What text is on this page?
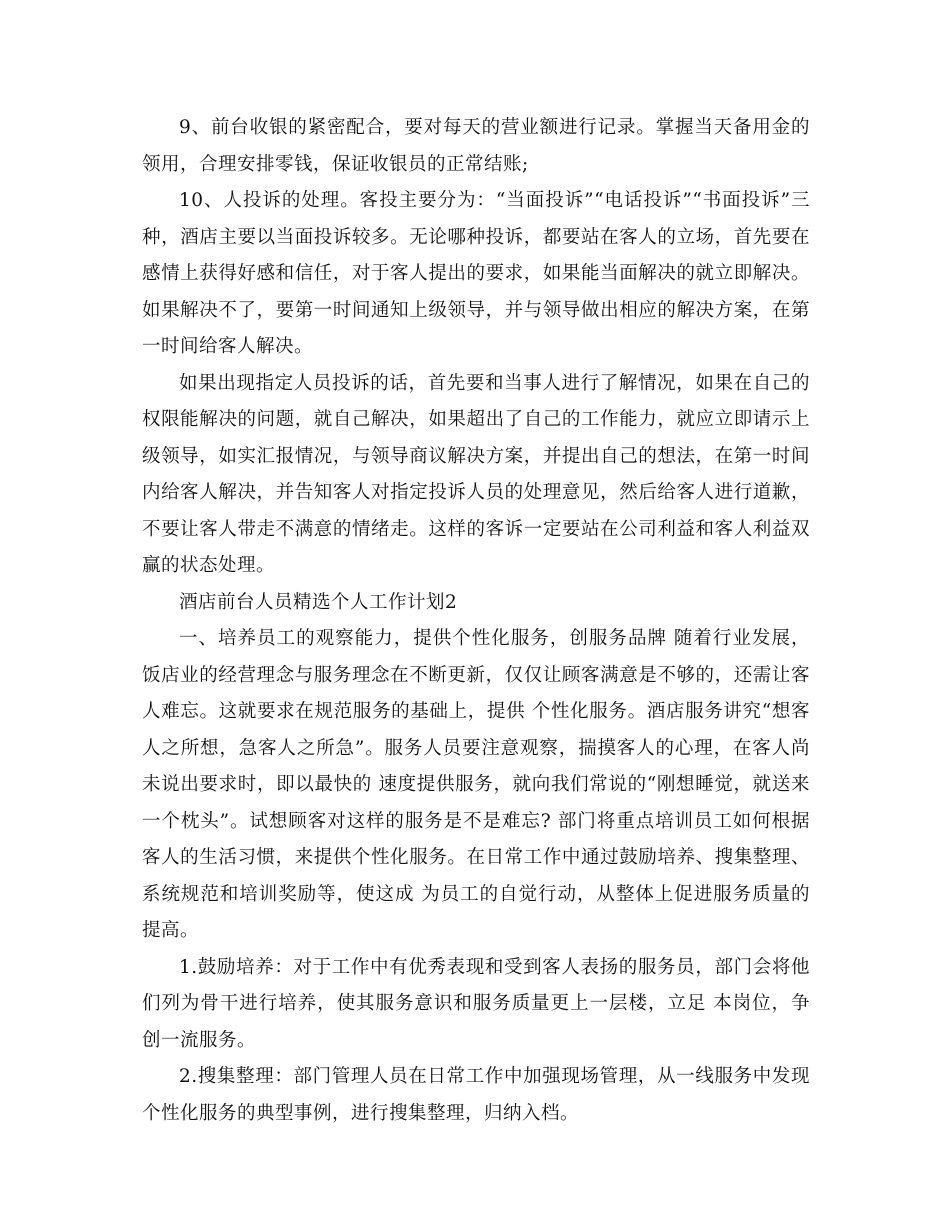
9、前台收银的紧密配合，要对每天的营业额进行记录。掌握当天备用金的领用，合理安排零钱，保证收银员的正常结账;

10、人投诉的处理。客投主要分为：“当面投诉”“电话投诉”“书面投诉”三种，酒店主要以当面投诉较多。无论哪种投诉，都要站在客人的立场，首先要在感情上获得好感和信任，对于客人提出的要求，如果能当面解决的就立即解决。如果解决不了，要第一时间通知上级领导，并与领导做出相应的解决方案，在第一时间给客人解决。

如果出现指定人员投诉的话，首先要和当事人进行了解情况，如果在自己的权限能解决的问题，就自己解决，如果超出了自己的工作能力，就应立即请示上级领导，如实汇报情况，与领导商议解决方案，并提出自己的想法，在第一时间内给客人解决，并告知客人对指定投诉人员的处理意见，然后给客人进行道歉，不要让客人带走不满意的情绪走。这样的客诉一定要站在公司利益和客人利益双赢的状态处理。

酒店前台人员精选个人工作计划2

一、培养员工的观察能力，提供个性化服务，创服务品牌 随着行业发展，饭店业的经营理念与服务理念在不断更新，仅仅让顾客满意是不够的，还需让客人难忘。这就要求在规范服务的基础上，提供 个性化服务。酒店服务讲究“想客人之所想，急客人之所急”。服务人员要注意观察，揣摸客人的心理，在客人尚未说出要求时，即以最快的 速度提供服务，就向我们常说的“刚想睡觉，就送来一个枕头”。试想顾客对这样的服务是不是难忘? 部门将重点培训员工如何根据客人的生活习惯，来提供个性化服务。在日常工作中通过鼓励培养、搜集整理、系统规范和培训奖励等，使这成 为员工的自觉行动，从整体上促进服务质量的提高。

1.鼓励培养：对于工作中有优秀表现和受到客人表扬的服务员，部门会将他们列为骨干进行培养，使其服务意识和服务质量更上一层楼，立足 本岗位，争创一流服务。

2.搜集整理：部门管理人员在日常工作中加强现场管理，从一线服务中发现个性化服务的典型事例，进行搜集整理，归纳入档。
